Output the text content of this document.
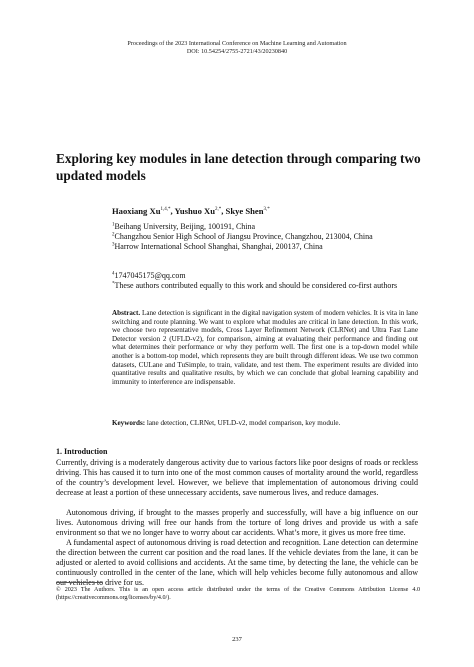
Proceedings of the 2023 International Conference on Machine Learning and Automation
DOI: 10.54254/2755-2721/43/20230840
Exploring key modules in lane detection through comparing two updated models
Haoxiang $Xu^{1,4,*}$, Yushuo $Xu^{2,*}$, Skye Shen$^{3,*}$
$^1$Beihang University, Beijing, 100191, China
$^2$Changzhou Senior High School of Jiangsu Province, Changzhou, 213004, China
$^3$Harrow International School Shanghai, Shanghai, 200137, China
$^4$1747045175@qq.com
*These authors contributed equally to this work and should be considered co-first authors
Abstract. Lane detection is significant in the digital navigation system of modern vehicles. It is vita in lane switching and route planning. We want to explore what modules are critical in lane detection. In this work, we choose two representative models, Cross Layer Refinement Network (CLRNet) and Ultra Fast Lane Detector version 2 (UFLD-v2), for comparison, aiming at evaluating their performance and finding out what determines their performance or why they perform well. The first one is a top-down model while another is a bottom-top model, which represents they are built through different ideas. We use two common datasets, CULane and TuSimple, to train, validate, and test them. The experiment results are divided into quantitative results and qualitative results, by which we can conclude that global learning capability and immunity to interference are indispensable.
Keywords: lane detection, CLRNet, UFLD-v2, model comparison, key module.
1. Introduction
Currently, driving is a moderately dangerous activity due to various factors like poor designs of roads or reckless driving. This has caused it to turn into one of the most common causes of mortality around the world, regardless of the country’s development level. However, we believe that implementation of autonomous driving could decrease at least a portion of these unnecessary accidents, save numerous lives, and reduce damages.
Autonomous driving, if brought to the masses properly and successfully, will have a big influence on our lives. Autonomous driving will free our hands from the torture of long drives and provide us with a safe environment so that we no longer have to worry about car accidents. What’s more, it gives us more free time.
A fundamental aspect of autonomous driving is road detection and recognition. Lane detection can determine the direction between the current car position and the road lanes. If the vehicle deviates from the lane, it can be adjusted or alerted to avoid collisions and accidents. At the same time, by detecting the lane, the vehicle can be continuously controlled in the center of the lane, which will help vehicles become fully autonomous and allow our vehicles to drive for us.
© 2023 The Authors. This is an open access article distributed under the terms of the Creative Commons Attribution License 4.0 (https://creativecommons.org/licenses/by/4.0/).
237
